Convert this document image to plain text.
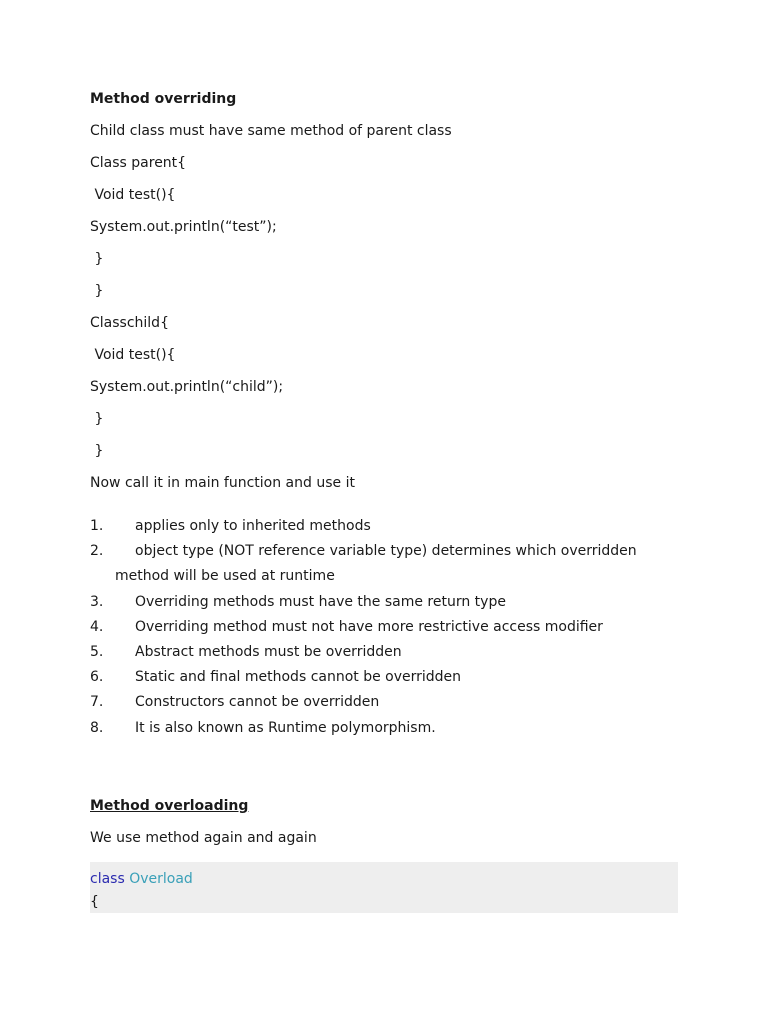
Method overriding
Child class must have same method of parent class
Class parent{
Void test(){
System.out.println(“test”);
}
}
Classchild{
Void test(){
System.out.println(“child”);
}
}
Now call it in main function and use it
1. applies only to inherited methods
2. object type (NOT reference variable type) determines which overridden
method will be used at runtime
3. Overriding methods must have the same return type
4. Overriding method must not have more restrictive access modifier
5. Abstract methods must be overridden
6. Static and final methods cannot be overridden
7. Constructors cannot be overridden
8. It is also known as Runtime polymorphism.
Method overloading
We use method again and again
class Overload
{
